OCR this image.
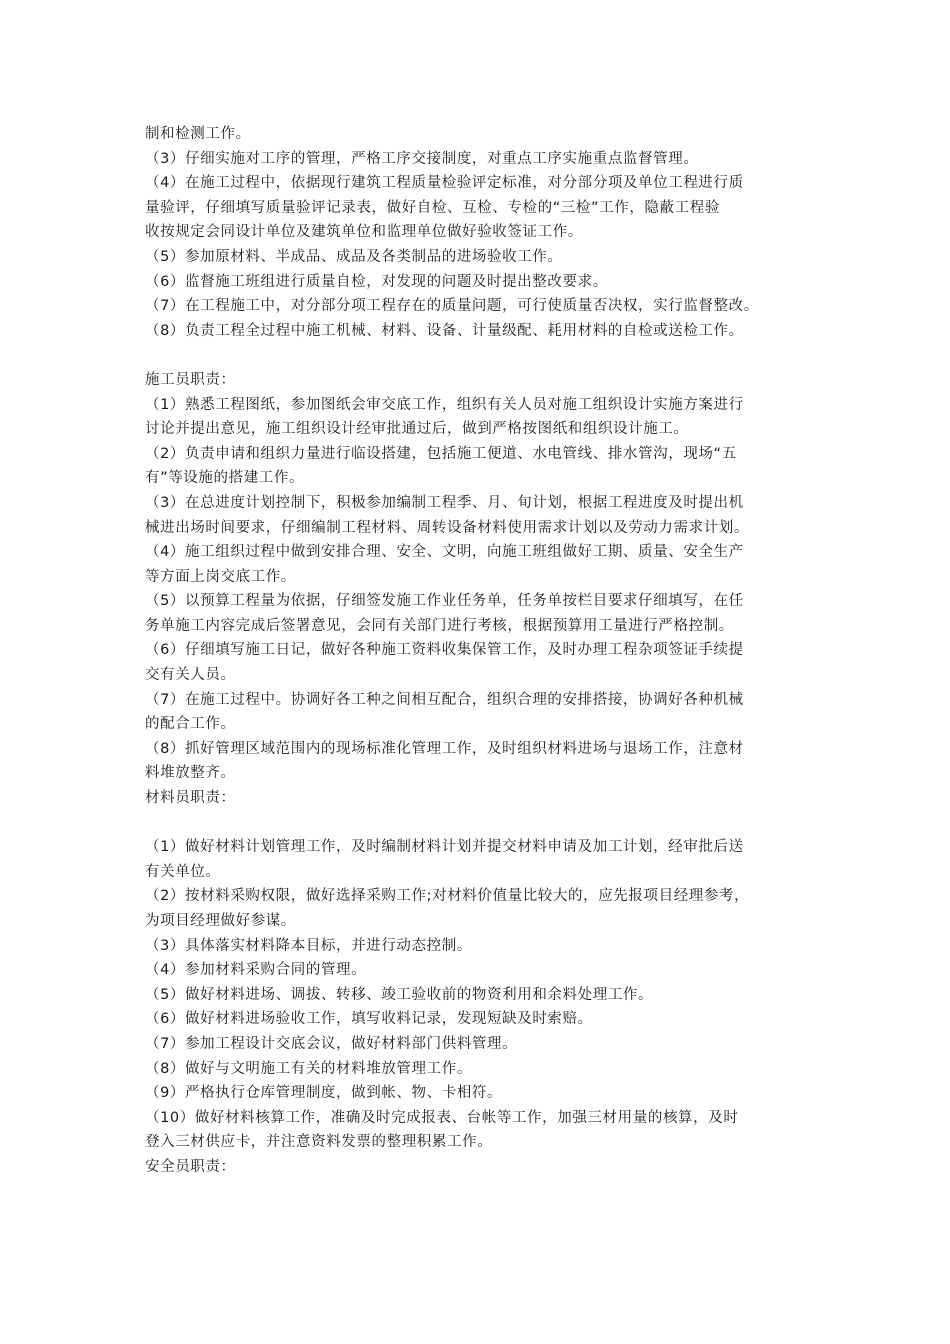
制和检测工作。
（3）仔细实施对工序的管理，严格工序交接制度，对重点工序实施重点监督管理。
（4）在施工过程中，依据现行建筑工程质量检验评定标准，对分部分项及单位工程进行质
量验评，仔细填写质量验评记录表，做好自检、互检、专检的“三检”工作，隐蔽工程验
收按规定会同设计单位及建筑单位和监理单位做好验收签证工作。
（5）参加原材料、半成品、成品及各类制品的进场验收工作。
（6）监督施工班组进行质量自检，对发现的问题及时提出整改要求。
（7）在工程施工中，对分部分项工程存在的质量问题，可行使质量否决权，实行监督整改。
（8）负责工程全过程中施工机械、材料、设备、计量级配、耗用材料的自检或送检工作。
施工员职责：
（1）熟悉工程图纸，参加图纸会审交底工作，组织有关人员对施工组织设计实施方案进行
讨论并提出意见，施工组织设计经审批通过后，做到严格按图纸和组织设计施工。
（2）负责申请和组织力量进行临设搭建，包括施工便道、水电管线、排水管沟，现场“五
有”等设施的搭建工作。
（3）在总进度计划控制下，积极参加编制工程季、月、旬计划，根据工程进度及时提出机
械进出场时间要求，仔细编制工程材料、周转设备材料使用需求计划以及劳动力需求计划。
（4）施工组织过程中做到安排合理、安全、文明，向施工班组做好工期、质量、安全生产
等方面上岗交底工作。
（5）以预算工程量为依据，仔细签发施工作业任务单，任务单按栏目要求仔细填写，在任
务单施工内容完成后签署意见，会同有关部门进行考核，根据预算用工量进行严格控制。
（6）仔细填写施工日记，做好各种施工资料收集保管工作，及时办理工程杂项签证手续提
交有关人员。
（7）在施工过程中。协调好各工种之间相互配合，组织合理的安排搭接，协调好各种机械
的配合工作。
（8）抓好管理区域范围内的现场标准化管理工作，及时组织材料进场与退场工作，注意材
料堆放整齐。
材料员职责：
（1）做好材料计划管理工作，及时编制材料计划并提交材料申请及加工计划，经审批后送
有关单位。
（2）按材料采购权限，做好选择采购工作;对材料价值量比较大的，应先报项目经理参考，
为项目经理做好参谋。
（3）具体落实材料降本目标，并进行动态控制。
（4）参加材料采购合同的管理。
（5）做好材料进场、调拔、转移、竣工验收前的物资利用和余料处理工作。
（6）做好材料进场验收工作，填写收料记录，发现短缺及时索赔。
（7）参加工程设计交底会议，做好材料部门供料管理。
（8）做好与文明施工有关的材料堆放管理工作。
（9）严格执行仓库管理制度，做到帐、物、卡相符。
（10）做好材料核算工作，准确及时完成报表、台帐等工作，加强三材用量的核算，及时
登入三材供应卡，并注意资料发票的整理积累工作。
安全员职责：
